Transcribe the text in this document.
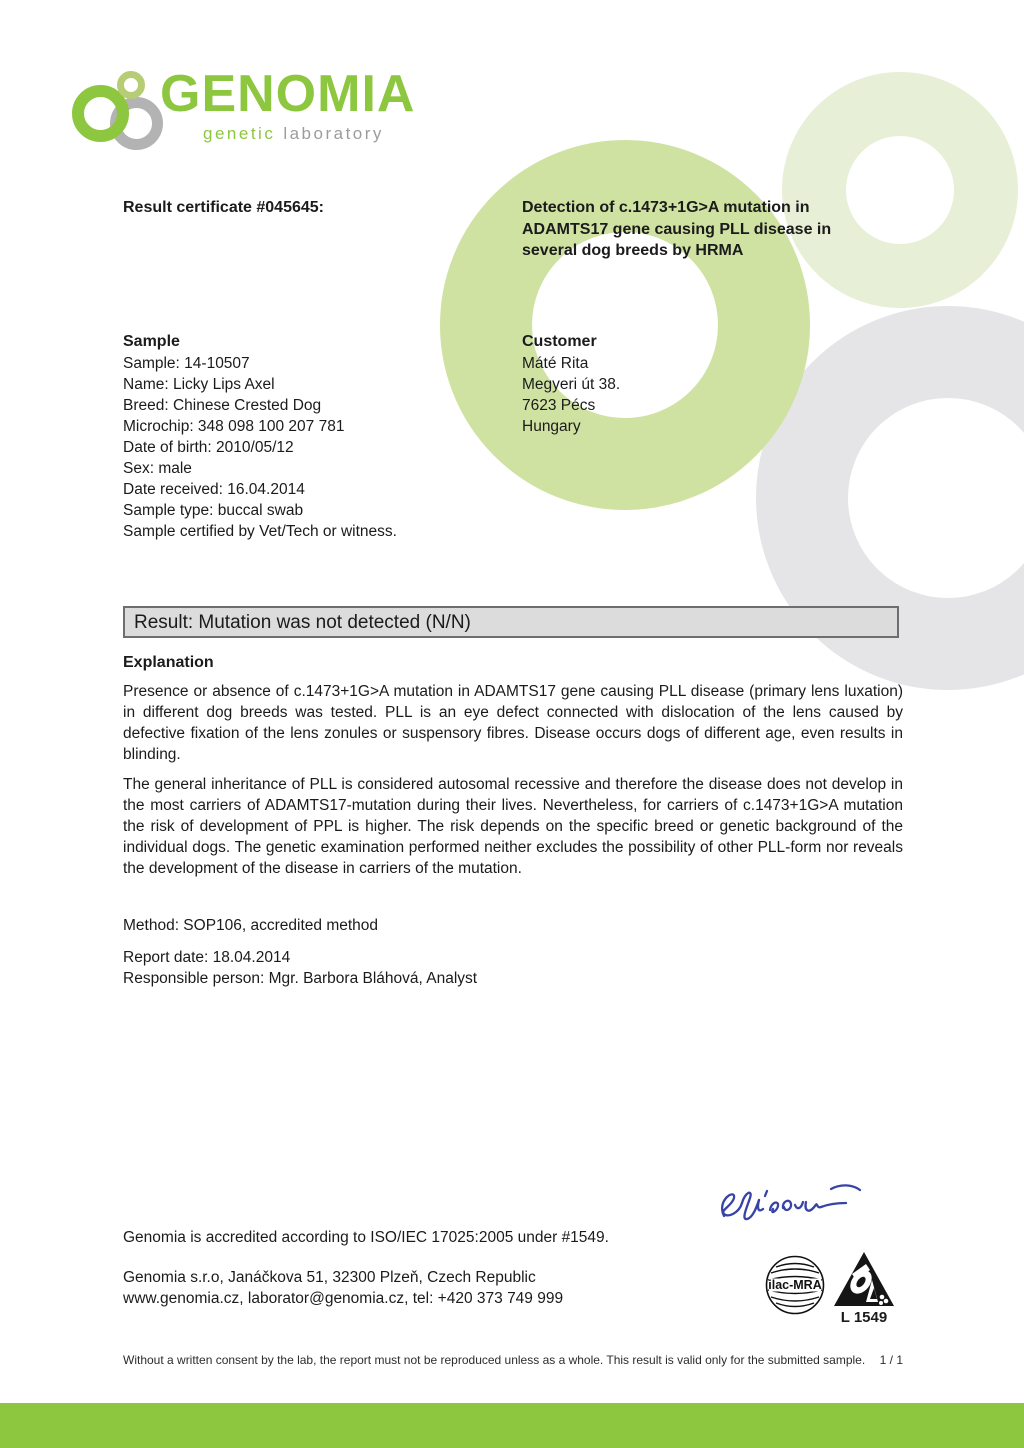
GENOMIA
genetic laboratory
Result certificate #045645:	Detection of c.1473+1G>A mutation in ADAMTS17 gene causing PLL disease in several dog breeds by HRMA
Sample
Sample: 14-10507
Name: Licky Lips Axel
Breed: Chinese Crested Dog
Microchip: 348 098 100 207 781
Date of birth: 2010/05/12
Sex: male
Date received: 16.04.2014
Sample type: buccal swab
Sample certified by Vet/Tech or witness.
Customer
Máté Rita
Megyeri út 38.
7623 Pécs
Hungary
Result: Mutation was not detected (N/N)
Explanation
Presence or absence of c.1473+1G>A mutation in ADAMTS17 gene causing PLL disease (primary lens luxation) in different dog breeds was tested. PLL is an eye defect connected with dislocation of the lens caused by defective fixation of the lens zonules or suspensory fibres. Disease occurs dogs of different age, even results in blinding.
The general inheritance of PLL is considered autosomal recessive and therefore the disease does not develop in the most carriers of ADAMTS17-mutation during their lives. Nevertheless, for carriers of c.1473+1G>A mutation the risk of development of PPL is higher. The risk depends on the specific breed or genetic background of the individual dogs. The genetic examination performed neither excludes the possibility of other PLL-form nor reveals the development of the disease in carriers of the mutation.
Method: SOP106, accredited method
Report date: 18.04.2014
Responsible person: Mgr. Barbora Bláhová, Analyst
Genomia is accredited according to ISO/IEC 17025:2005 under #1549.
Genomia s.r.o, Janáčkova 51, 32300 Plzeň, Czech Republic
www.genomia.cz, laborator@genomia.cz, tel: +420 373 749 999
ilac-MRA
L 1549
Without a written consent by the lab, the report must not be reproduced unless as a whole. This result is valid only for the submitted sample. 1 / 1
